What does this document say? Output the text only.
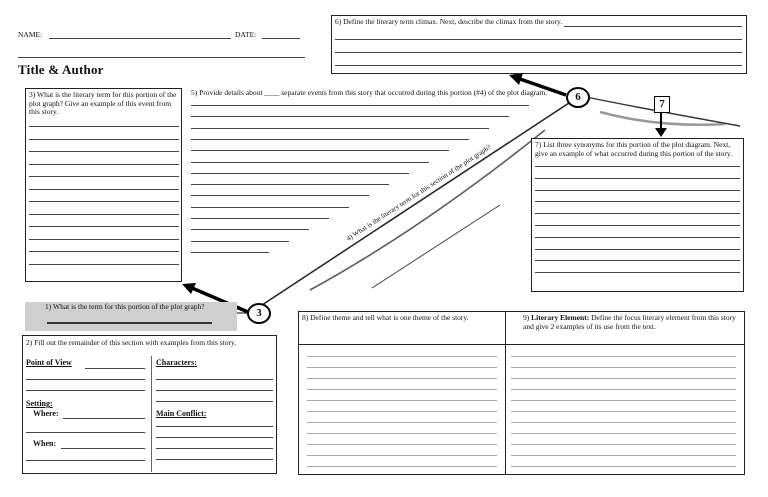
NAME:	DATE:
Title & Author
3
6
7
6) Define the literary term climax. Next, describe the climax from the story.
3) What is the literary term for this portion of the plot graph? Give an example of this event from this story.
5) Provide details about ____ separate events from this story that occurred during this portion (#4) of the plot diagram.
4) What is the literary term for this section of the plot graph?	7) List three synonyms for this portion of the plot diagram. Next, give an example of what occurred during this portion of the story.
1) What is the term for this portion of the plot graph?
2) Fill out the remainder of this section with examples from this story.
Point of View	Characters:
Setting:
Where:	Main Conflict:
When:
8) Define theme and tell what is one theme of the story.	9) Literary Element: Define the focus literary element from this story and give 2 examples of its use from the text.
